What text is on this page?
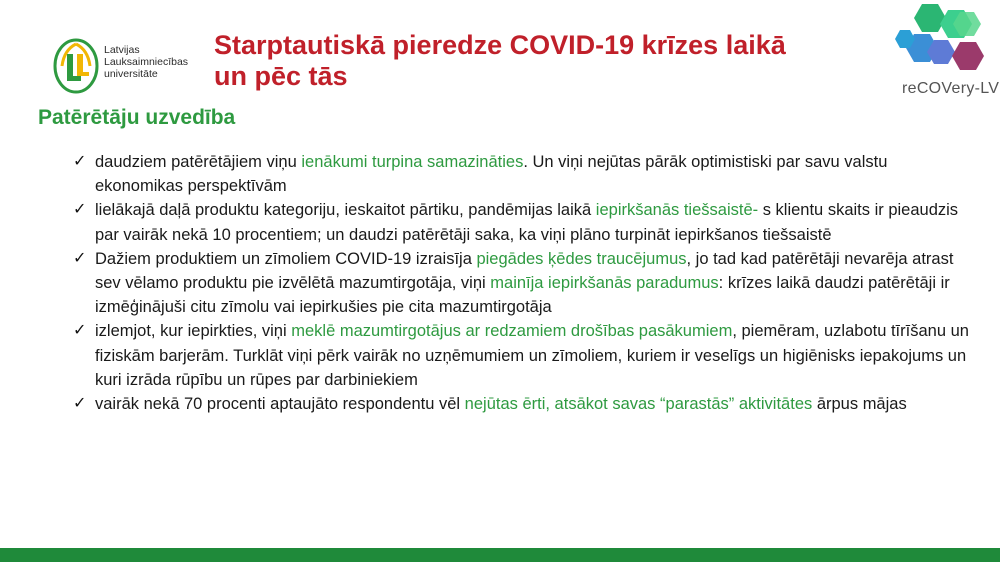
Latvijas
Lauksaimniecības
universitāte
Starptautiskā pieredze COVID-19 krīzes laikā
un pēc tās	reCOVery-LV
Patērētāju uzvedība
✓ daudziem patērētājiem viņu ienākumi turpina samazināties. Un viņi nejūtas pārāk optimistiski par savu valstu ekonomikas perspektīvām
✓ lielākajā daļā produktu kategoriju, ieskaitot pārtiku, pandēmijas laikā iepirkšanās tiešsaistē- s klientu skaits ir pieaudzis par vairāk nekā 10 procentiem; un daudzi patērētāji saka, ka viņi plāno turpināt iepirkšanos tiešsaistē
✓ Dažiem produktiem un zīmoliem COVID-19 izraisīja piegādes ķēdes traucējumus, jo tad kad patērētāji nevarēja atrast sev vēlamo produktu pie izvēlētā mazumtirgotāja, viņi mainīja iepirkšanās paradumus: krīzes laikā daudzi patērētāji ir izmēģinājuši citu zīmolu vai iepirkušies pie cita mazumtirgotāja
✓ izlemjot, kur iepirkties, viņi meklē mazumtirgotājus ar redzamiem drošības pasākumiem, piemēram, uzlabotu tīrīšanu un fiziskām barjerām. Turklāt viņi pērk vairāk no uzņēmumiem un zīmoliem, kuriem ir veselīgs un higiēnisks iepakojums un kuri izrāda rūpību un rūpes par darbiniekiem
✓ vairāk nekā 70 procenti aptaujāto respondentu vēl nejūtas ērti, atsākot savas “parastās” aktivitātes ārpus mājas
